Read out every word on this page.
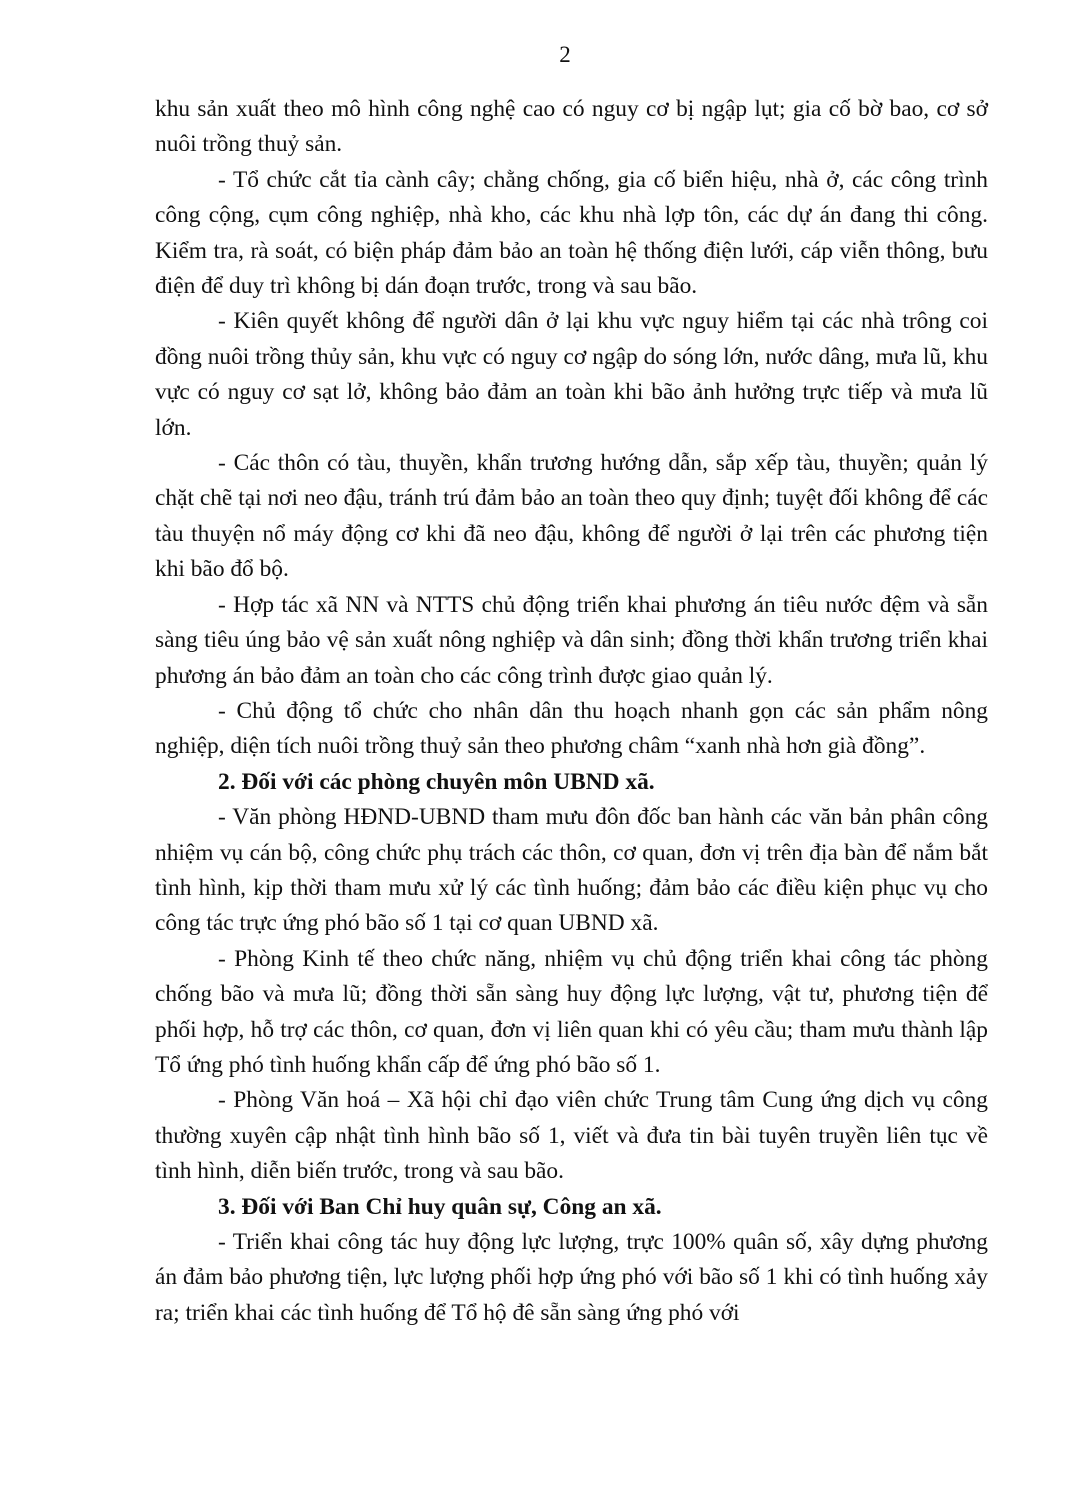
2

khu sản xuất theo mô hình công nghệ cao có nguy cơ bị ngập lụt; gia cố bờ bao, cơ sở nuôi trồng thuỷ sản.

- Tổ chức cắt tỉa cành cây; chằng chống, gia cố biển hiệu, nhà ở, các công trình công cộng, cụm công nghiệp, nhà kho, các khu nhà lợp tôn, các dự án đang thi công. Kiểm tra, rà soát, có biện pháp đảm bảo an toàn hệ thống điện lưới, cáp viễn thông, bưu điện để duy trì không bị dán đoạn trước, trong và sau bão.

- Kiên quyết không để người dân ở lại khu vực nguy hiểm tại các nhà trông coi đồng nuôi trồng thủy sản, khu vực có nguy cơ ngập do sóng lớn, nước dâng, mưa lũ, khu vực có nguy cơ sạt lở, không bảo đảm an toàn khi bão ảnh hưởng trực tiếp và mưa lũ lớn.

- Các thôn có tàu, thuyền, khẩn trương hướng dẫn, sắp xếp tàu, thuyền; quản lý chặt chẽ tại nơi neo đậu, tránh trú đảm bảo an toàn theo quy định; tuyệt đối không để các tàu thuyện nổ máy động cơ khi đã neo đậu, không để người ở lại trên các phương tiện khi bão đổ bộ.

- Hợp tác xã NN và NTTS chủ động triển khai phương án tiêu nước đệm và sẵn sàng tiêu úng bảo vệ sản xuất nông nghiệp và dân sinh; đồng thời khẩn trương triển khai phương án bảo đảm an toàn cho các công trình được giao quản lý.

- Chủ động tổ chức cho nhân dân thu hoạch nhanh gọn các sản phẩm nông nghiệp, diện tích nuôi trồng thuỷ sản theo phương châm “xanh nhà hơn già đồng”.

2. Đối với các phòng chuyên môn UBND xã.

- Văn phòng HĐND-UBND tham mưu đôn đốc ban hành các văn bản phân công nhiệm vụ cán bộ, công chức phụ trách các thôn, cơ quan, đơn vị trên địa bàn để nắm bắt tình hình, kịp thời tham mưu xử lý các tình huống; đảm bảo các điều kiện phục vụ cho công tác trực ứng phó bão số 1 tại cơ quan UBND xã.

- Phòng Kinh tế theo chức năng, nhiệm vụ chủ động triển khai công tác phòng chống bão và mưa lũ; đồng thời sẵn sàng huy động lực lượng, vật tư, phương tiện để phối hợp, hỗ trợ các thôn, cơ quan, đơn vị liên quan khi có yêu cầu; tham mưu thành lập Tổ ứng phó tình huống khẩn cấp để ứng phó bão số 1.

- Phòng Văn hoá – Xã hội chỉ đạo viên chức Trung tâm Cung ứng dịch vụ công thường xuyên cập nhật tình hình bão số 1, viết và đưa tin bài tuyên truyền liên tục về tình hình, diễn biến trước, trong và sau bão.

3. Đối với Ban Chỉ huy quân sự, Công an xã.

- Triển khai công tác huy động lực lượng, trực 100% quân số, xây dựng phương án đảm bảo phương tiện, lực lượng phối hợp ứng phó với bão số 1 khi có tình huống xảy ra; triển khai các tình huống để Tổ hộ đê sẵn sàng ứng phó với
